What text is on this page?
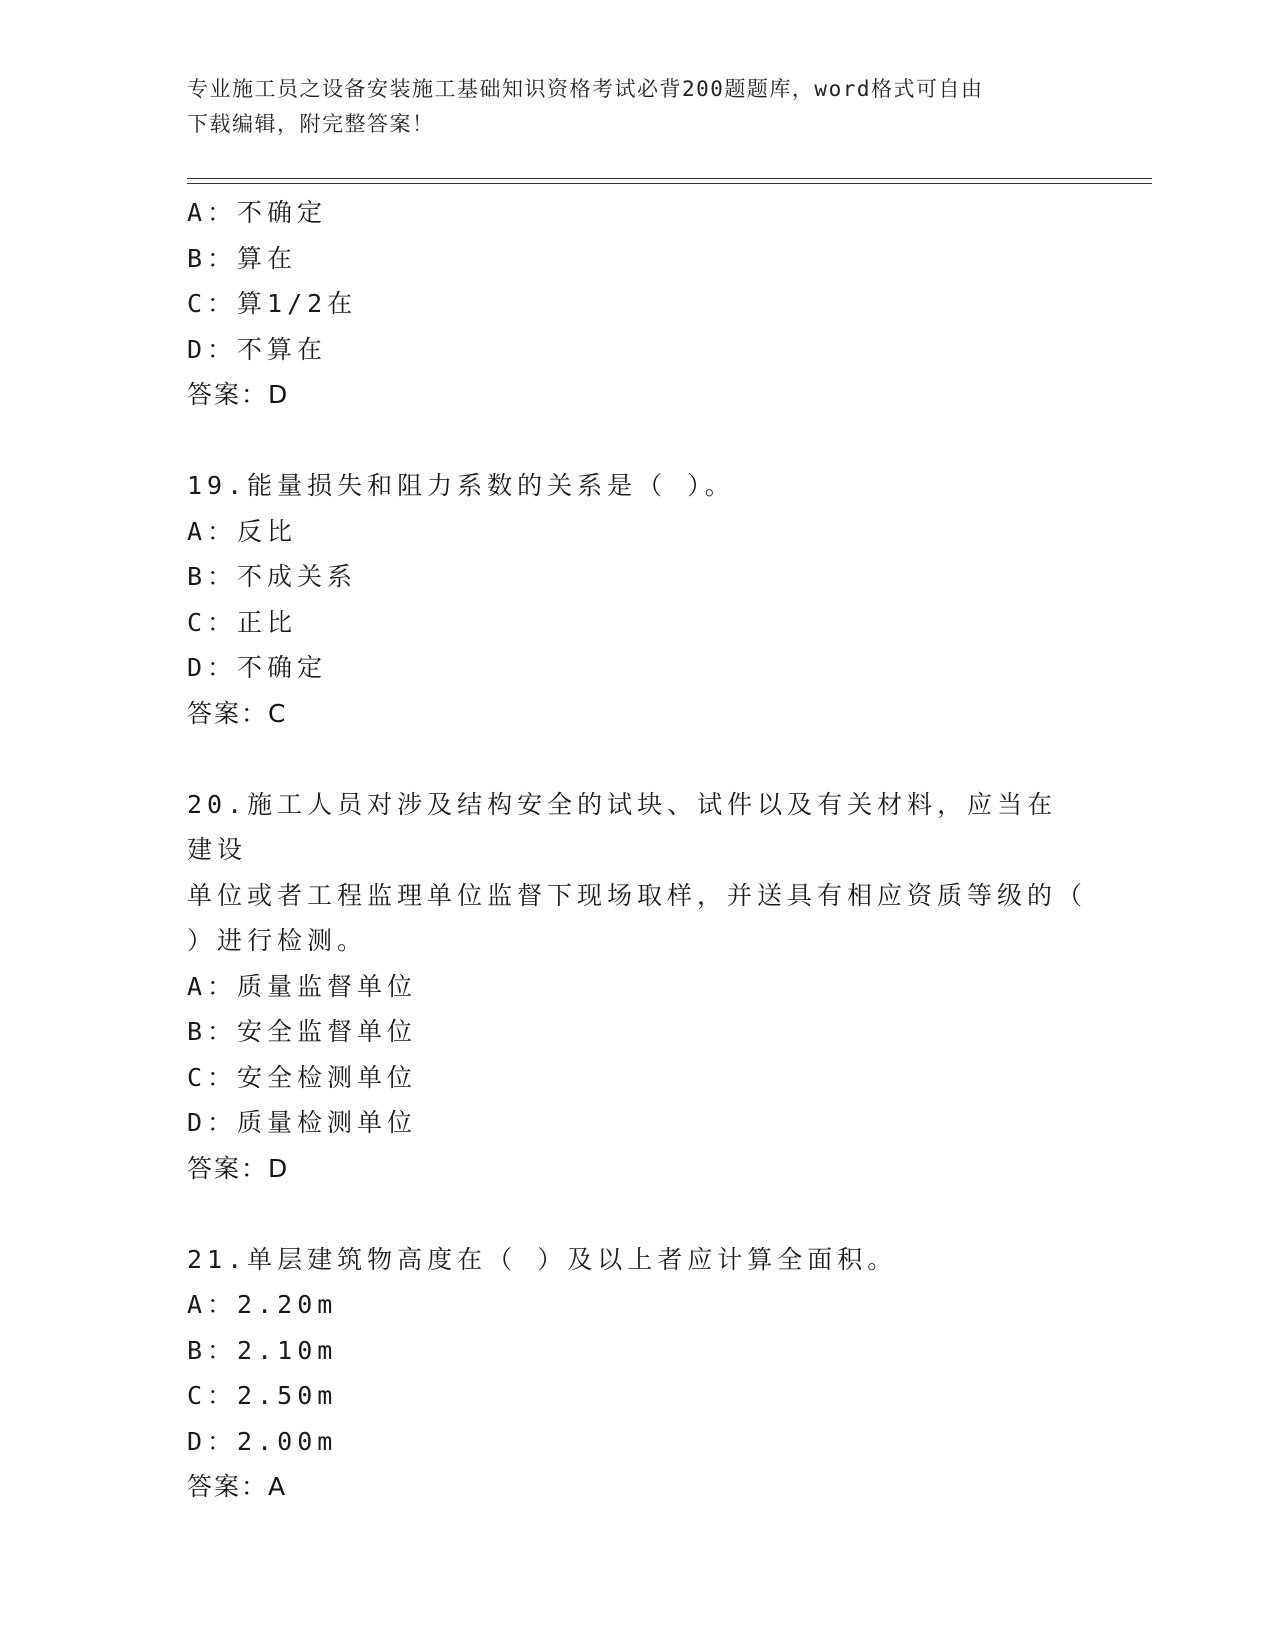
专业施工员之设备安装施工基础知识资格考试必背200题题库，word格式可自由
下载编辑，附完整答案！
A：不确定
B：算在
C：算1/2在
D：不算在
答案：D
19.能量损失和阻力系数的关系是（ ）。
A：反比
B：不成关系
C：正比
D：不确定
答案：C
20.施工人员对涉及结构安全的试块、试件以及有关材料，应当在建设
单位或者工程监理单位监督下现场取样，并送具有相应资质等级的（
）进行检测。
A：质量监督单位
B：安全监督单位
C：安全检测单位
D：质量检测单位
答案：D
21.单层建筑物高度在（ ）及以上者应计算全面积。
A：2.20m
B：2.10m
C：2.50m
D：2.00m
答案：A
